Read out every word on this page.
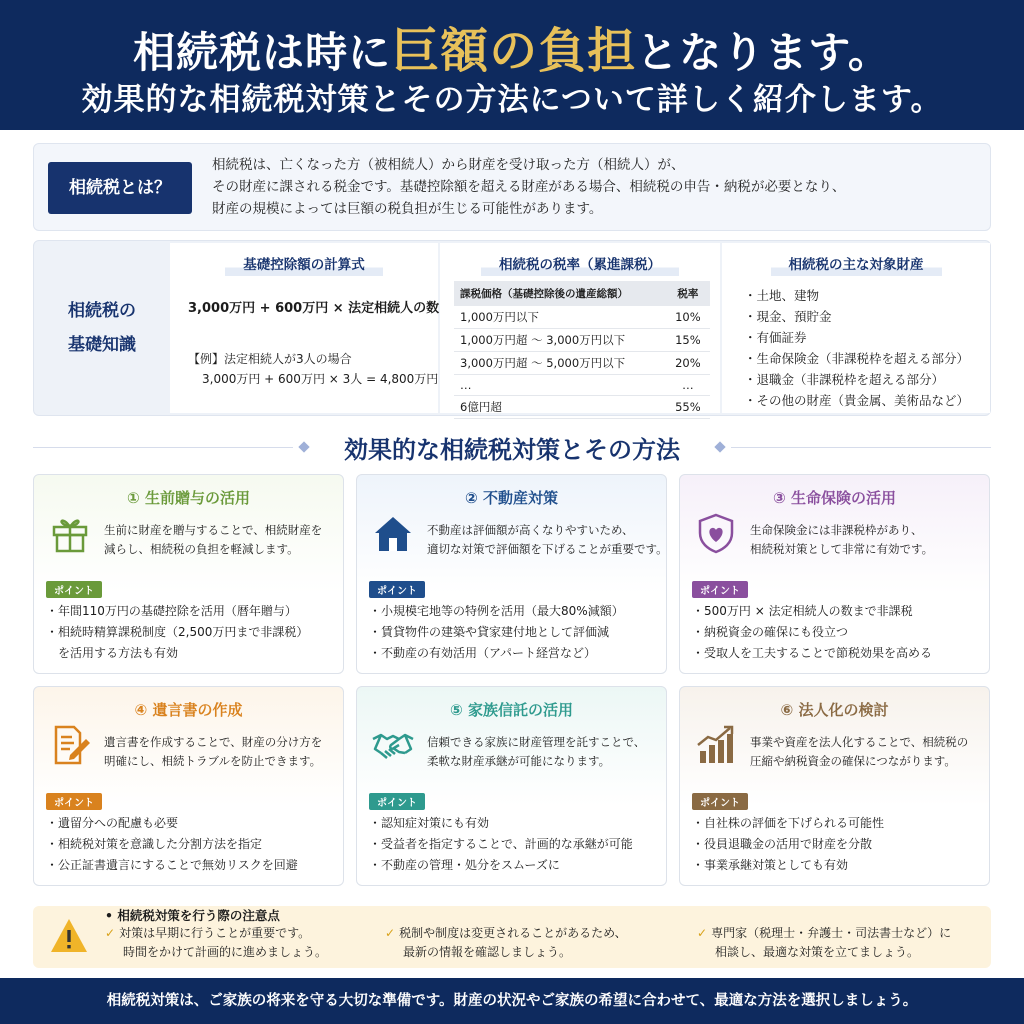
相続税は時に巨額の負担となります。
効果的な相続税対策とその方法について詳しく紹介します。
相続税とは？
相続税は、亡くなった方（被相続人）から財産を受け取った方（相続人）が、
その財産に課される税金です。基礎控除額を超える財産がある場合、相続税の申告・納税が必要となり、
財産の規模によっては巨額の税負担が生じる可能性があります。
相続税の
基礎知識
基礎控除額の計算式
3,000万円 + 600万円 × 法定相続人の数
【例】法定相続人が3人の場合
3,000万円 + 600万円 × 3人 = 4,800万円
相続税の税率（累進課税）
課税価格（基礎控除後の遺産総額）	税率
1,000万円以下	10%
1,000万円超 〜 3,000万円以下	15%
3,000万円超 〜 5,000万円以下	20%
…	…
6億円超	55%
相続税の主な対象財産
・ 土地、建物
・ 現金、預貯金
・ 有価証券
・ 生命保険金（非課税枠を超える部分）
・ 退職金（非課税枠を超える部分）
・ その他の財産（貴金属、美術品など）
効果的な相続税対策とその方法
① 生前贈与の活用
生前に財産を贈与することで、相続財産を
減らし、相続税の負担を軽減します。
ポイント
・ 年間110万円の基礎控除を活用（暦年贈与）
・ 相続時精算課税制度（2,500万円まで非課税）
を活用する方法も有効
② 不動産対策
不動産は評価額が高くなりやすいため、
適切な対策で評価額を下げることが重要です。
ポイント
・ 小規模宅地等の特例を活用（最大80%減額）
・ 賃貸物件の建築や貸家建付地として評価減
・ 不動産の有効活用（アパート経営など）
③ 生命保険の活用
生命保険金には非課税枠があり、
相続税対策として非常に有効です。
ポイント
・ 500万円 × 法定相続人の数まで非課税
・ 納税資金の確保にも役立つ
・ 受取人を工夫することで節税効果を高める
④ 遺言書の作成
遺言書を作成することで、財産の分け方を
明確にし、相続トラブルを防止できます。
ポイント
・ 遺留分への配慮も必要
・ 相続税対策を意識した分割方法を指定
・ 公正証書遺言にすることで無効リスクを回避
⑤ 家族信託の活用
信頼できる家族に財産管理を託すことで、
柔軟な財産承継が可能になります。
ポイント
・ 認知症対策にも有効
・ 受益者を指定することで、計画的な承継が可能
・ 不動産の管理・処分をスムーズに
⑥ 法人化の検討
事業や資産を法人化することで、相続税の
圧縮や納税資金の確保につながります。
ポイント
・ 自社株の評価を下げられる可能性
・ 役員退職金の活用で財産を分散
・ 事業承継対策としても有効
• 相続税対策を行う際の注意点
✓ 対策は早期に行うことが重要です。
時間をかけて計画的に進めましょう。
✓ 税制や制度は変更されることがあるため、
最新の情報を確認しましょう。
✓ 専門家（税理士・弁護士・司法書士など）に
相談し、最適な対策を立てましょう。
相続税対策は、ご家族の将来を守る大切な準備です。財産の状況やご家族の希望に合わせて、最適な方法を選択しましょう。
